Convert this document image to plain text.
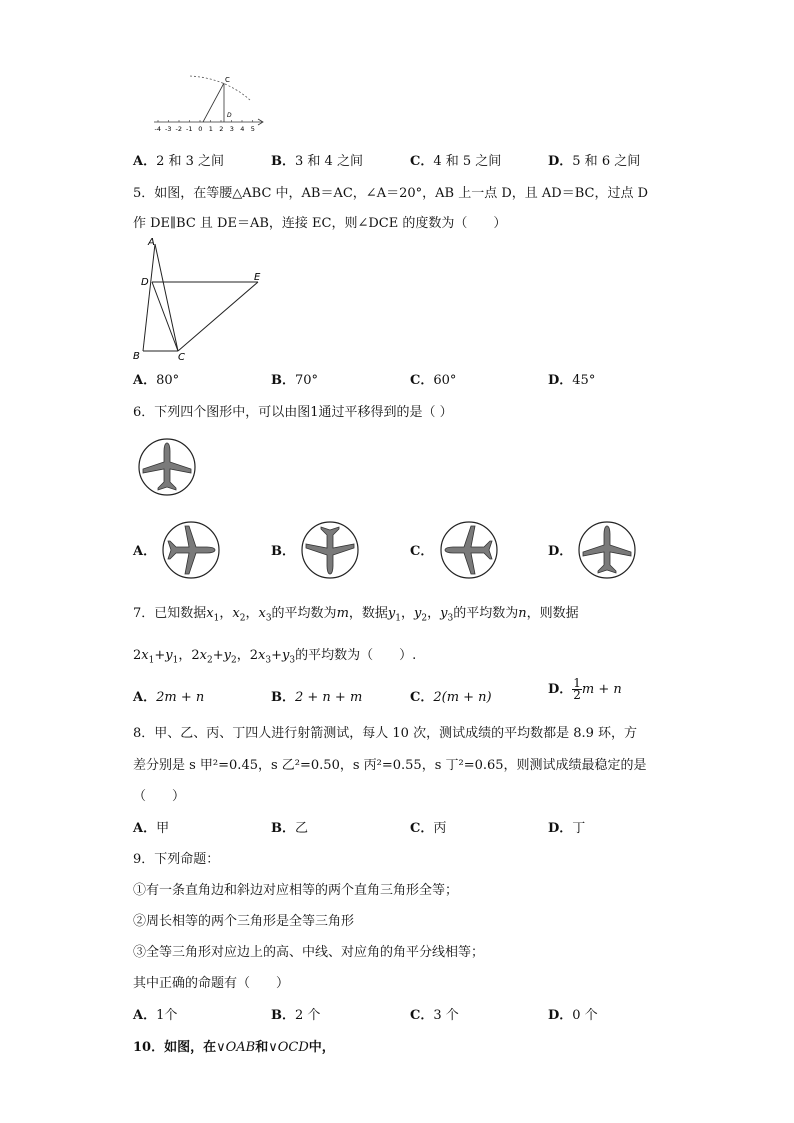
C
D
-4 -3 -2 -1 0 1 2 3 4 5
A．2 和 3 之间	B．3 和 4 之间	C．4 和 5 之间	D．5 和 6 之间
5．如图，在等腰△ABC 中，AB＝AC，∠A＝20°，AB 上一点 D，且 AD＝BC，过点 D
作 DE∥BC 且 DE＝AB，连接 EC，则∠DCE 的度数为（　　）
A
D	E
B	C
A．80°	B．70°	C．60°	D．45°
6．下列四个图形中，可以由图1通过平移得到的是（ ）
A．	B．	C．	D．
7．已知数据$x_1$，$x_2$，$x_3$的平均数为m，数据$y_1$，$y_2$，$y_3$的平均数为n，则数据
$2x_1+y_1$，$2x_2+y_2$，$2x_3+y_3$的平均数为（　　）.
A．2m + n	B．2 + n + m	C．2(m + n)
D． $\frac{1}{2}$ m + n
8．甲、乙、丙、丁四人进行射箭测试，每人 10 次，测试成绩的平均数都是 8.9 环，方
差分别是 s 甲²=0.45，s 乙²=0.50，s 丙²=0.55，s 丁²=0.65，则测试成绩最稳定的是
（　　）
A．甲	B．乙	C．丙	D．丁
9．下列命题：
①有一条直角边和斜边对应相等的两个直角三角形全等；
②周长相等的两个三角形是全等三角形
③全等三角形对应边上的高、中线、对应角的角平分线相等；
其中正确的命题有（　　）
A．1个	B．2 个	C．3 个	D．0 个
10．如图，在∨OAB和∨OCD中，
